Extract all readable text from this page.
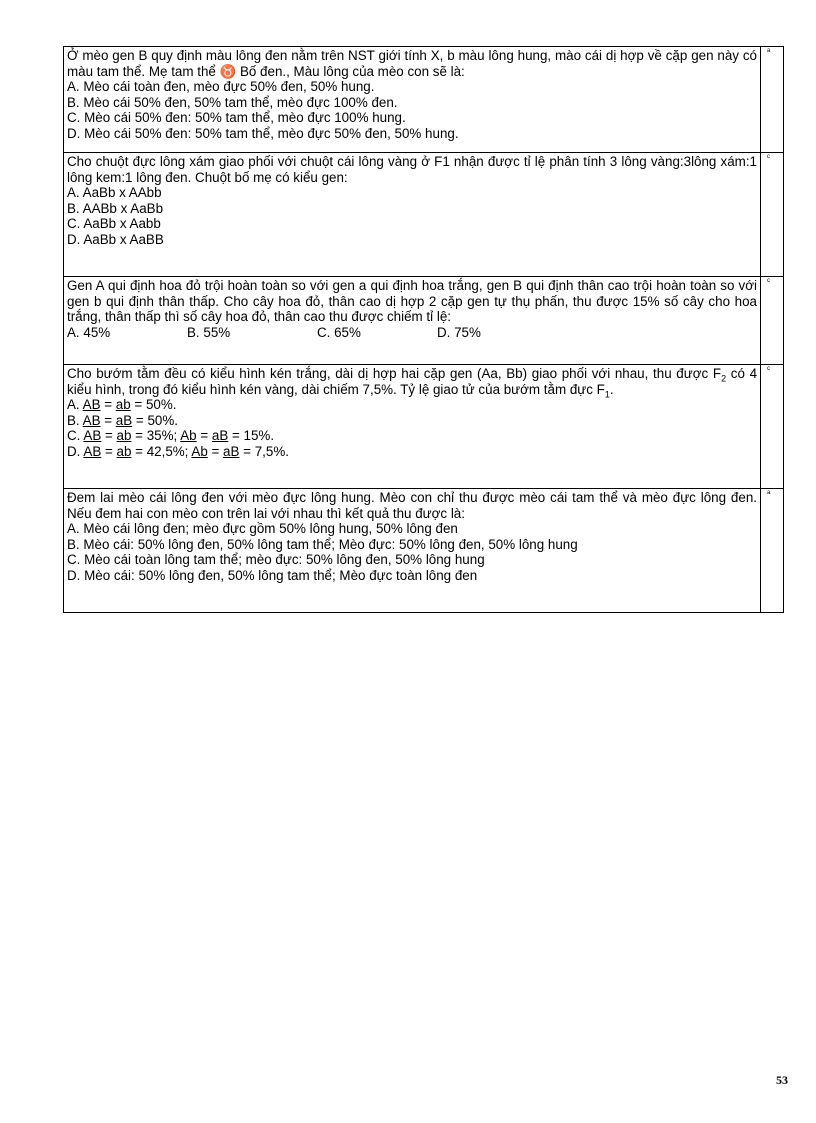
Ở mèo gen B quy định màu lông đen nằm trên NST giới tính X, b màu lông hung, mào cái dị hợp về cặp gen này có màu tam thể. Mẹ tam thể ♉ Bố đen., Màu lông của mèo con sẽ là:
A. Mèo cái toàn đen, mèo đực 50% đen, 50% hung.
B. Mèo cái 50% đen, 50% tam thể, mèo đực 100% đen.
C. Mèo cái 50% đen: 50% tam thể, mèo đực 100% hung.
D. Mèo cái 50% đen: 50% tam thể, mèo đực 50% đen, 50% hung.	a

Cho chuột đực lông xám giao phối với chuột cái lông vàng ở F1 nhận được tỉ lệ phân tính 3 lông vàng:3lông xám:1 lông kem:1 lông đen. Chuột bố mẹ có kiểu gen:
A. AaBb x AAbb
B. AABb x AaBb
C. AaBb x Aabb
D. AaBb x AaBB	c

Gen A qui định hoa đỏ trội hoàn toàn so với gen a qui định hoa trắng, gen B qui định thân cao trội hoàn toàn so với gen b qui định thân thấp. Cho cây hoa đỏ, thân cao dị hợp 2 cặp gen tự thụ phấn, thu được 15% số cây cho hoa trắng, thân thấp thì số cây hoa đỏ, thân cao thu được chiếm tỉ lệ:
A. 45% B. 55% C. 65% D. 75%	c

Cho bướm tằm đều có kiểu hình kén trắng, dài dị hợp hai cặp gen (Aa, Bb) giao phối với nhau, thu được $F_2$ có 4 kiểu hình, trong đó kiểu hình kén vàng, dài chiếm 7,5%. Tỷ lệ giao tử của bướm tằm đực $F_1$.
A. AB = ab = 50%.
B. AB = aB = 50%.
C. AB = ab = 35%; Ab = aB = 15%.
D. AB = ab = 42,5%; Ab = aB = 7,5%.	c

Đem lai mèo cái lông đen với mèo đực lông hung. Mèo con chỉ thu được mèo cái tam thể và mèo đực lông đen. Nếu đem hai con mèo con trên lai với nhau thì kết quả thu được là:
A. Mèo cái lông đen; mèo đực gồm 50% lông hung, 50% lông đen
B. Mèo cái: 50% lông đen, 50% lông tam thể; Mèo đực: 50% lông đen, 50% lông hung
C. Mèo cái toàn lông tam thể; mèo đực: 50% lông đen, 50% lông hung
D. Mèo cái: 50% lông đen, 50% lông tam thể; Mèo đực toàn lông đen	a
53
